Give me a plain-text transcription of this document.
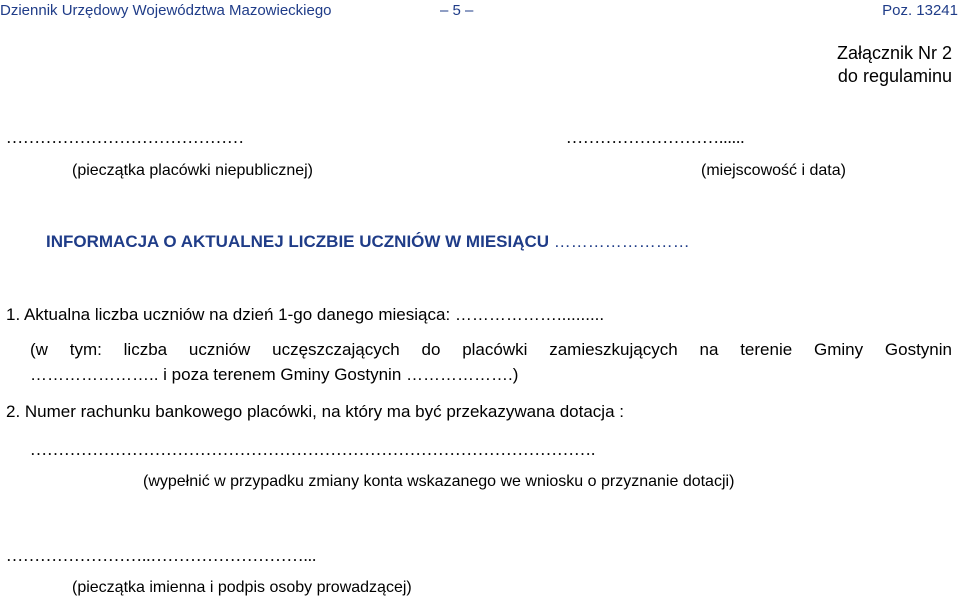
Dziennik Urzędowy Województwa Mazowieckiego	– 5 –	Poz. 13241
Załącznik Nr 2
do regulaminu
……………………………………
(pieczątka placówki niepublicznej)
………………………......
(miejscowość i data)
INFORMACJA O AKTUALNEJ LICZBIE UCZNIÓW W MIESIĄCU ……………………
1. Aktualna liczba uczniów na dzień 1-go danego miesiąca: ………………..........
(w tym: liczba uczniów uczęszczających do placówki zamieszkujących na terenie Gminy Gostynin
………………….. i poza terenem Gminy Gostynin ……………….)
2. Numer rachunku bankowego placówki, na który ma być przekazywana dotacja :
……………………………………………………………………………………….
(wypełnić w przypadku zmiany konta wskazanego we wniosku o przyznanie dotacji)
……………………..………………………...
(pieczątka imienna i podpis osoby prowadzącej)
